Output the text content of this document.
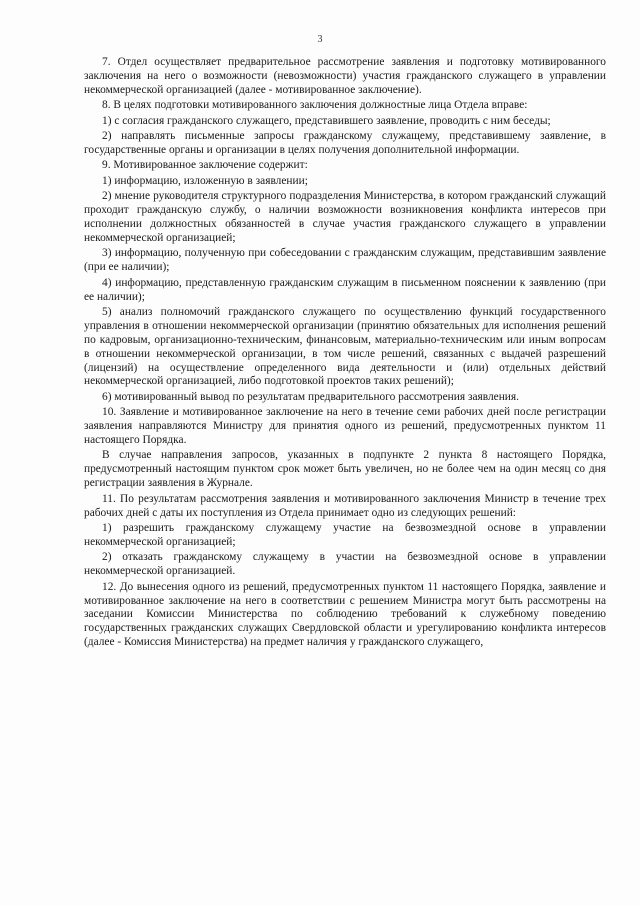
3

7. Отдел осуществляет предварительное рассмотрение заявления и подготовку мотивированного заключения на него о возможности (невозможности) участия гражданского служащего в управлении некоммерческой организацией (далее - мотивированное заключение).

8. В целях подготовки мотивированного заключения должностные лица Отдела вправе:

1) с согласия гражданского служащего, представившего заявление, проводить с ним беседы;

2) направлять письменные запросы гражданскому служащему, представившему заявление, в государственные органы и организации в целях получения дополнительной информации.

9. Мотивированное заключение содержит:

1) информацию, изложенную в заявлении;

2) мнение руководителя структурного подразделения Министерства, в котором гражданский служащий проходит гражданскую службу, о наличии возможности возникновения конфликта интересов при исполнении должностных обязанностей в случае участия гражданского служащего в управлении некоммерческой организацией;

3) информацию, полученную при собеседовании с гражданским служащим, представившим заявление (при ее наличии);

4) информацию, представленную гражданским служащим в письменном пояснении к заявлению (при ее наличии);

5) анализ полномочий гражданского служащего по осуществлению функций государственного управления в отношении некоммерческой организации (принятию обязательных для исполнения решений по кадровым, организационно-техническим, финансовым, материально-техническим или иным вопросам в отношении некоммерческой организации, в том числе решений, связанных с выдачей разрешений (лицензий) на осуществление определенного вида деятельности и (или) отдельных действий некоммерческой организацией, либо подготовкой проектов таких решений);

6) мотивированный вывод по результатам предварительного рассмотрения заявления.

10. Заявление и мотивированное заключение на него в течение семи рабочих дней после регистрации заявления направляются Министру для принятия одного из решений, предусмотренных пунктом 11 настоящего Порядка.

В случае направления запросов, указанных в подпункте 2 пункта 8 настоящего Порядка, предусмотренный настоящим пунктом срок может быть увеличен, но не более чем на один месяц со дня регистрации заявления в Журнале.

11. По результатам рассмотрения заявления и мотивированного заключения Министр в течение трех рабочих дней с даты их поступления из Отдела принимает одно из следующих решений:

1) разрешить гражданскому служащему участие на безвозмездной основе в управлении некоммерческой организацией;

2) отказать гражданскому служащему в участии на безвозмездной основе в управлении некоммерческой организацией.

12. До вынесения одного из решений, предусмотренных пунктом 11 настоящего Порядка, заявление и мотивированное заключение на него в соответствии с решением Министра могут быть рассмотрены на заседании Комиссии Министерства по соблюдению требований к служебному поведению государственных гражданских служащих Свердловской области и урегулированию конфликта интересов (далее - Комиссия Министерства) на предмет наличия у гражданского служащего,
